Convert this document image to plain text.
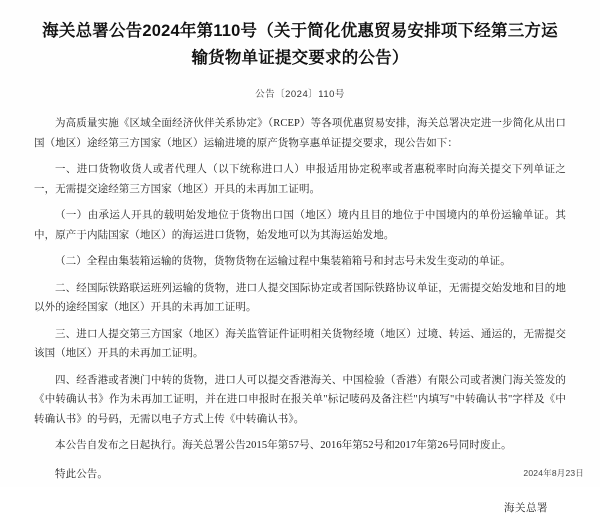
海关总署公告2024年第110号（关于简化优惠贸易安排项下经第三方运输货物单证提交要求的公告）
公告〔2024〕110号

为高质量实施《区域全面经济伙伴关系协定》（RCEP）等各项优惠贸易安排，海关总署决定进一步简化从出口国（地区）途经第三方国家（地区）运输进境的原产货物享惠单证提交要求，现公告如下：

一、进口货物收货人或者代理人（以下统称进口人）申报适用协定税率或者惠税率时向海关提交下列单证之一，无需提交途经第三方国家（地区）开具的未再加工证明。

（一）由承运人开具的载明始发地位于货物出口国（地区）境内且目的地位于中国境内的单份运输单证。其中，原产于内陆国家（地区）的海运进口货物，始发地可以为其海运始发地。

（二）全程由集装箱运输的货物，货物货物在运输过程中集装箱箱号和封志号未发生变动的单证。

二、经国际铁路联运班列运输的货物，进口人提交国际协定或者国际铁路协议单证，无需提交始发地和目的地以外的途经国家（地区）开具的未再加工证明。

三、进口人提交第三方国家（地区）海关监管证件证明相关货物经境（地区）过境、转运、通运的，无需提交该国（地区）开具的未再加工证明。

四、经香港或者澳门中转的货物，进口人可以提交香港海关、中国检验（香港）有限公司或者澳门海关签发的《中转确认书》作为未再加工证明，并在进口申报时在报关单"标记唛码及备注栏"内填写"中转确认书"字样及《中转确认书》的号码，无需以电子方式上传《中转确认书》。

本公告自发布之日起执行。海关总署公告2015年第57号、2016年第52号和2017年第26号同时废止。

特此公告。

海关总署
2024年8月23日
